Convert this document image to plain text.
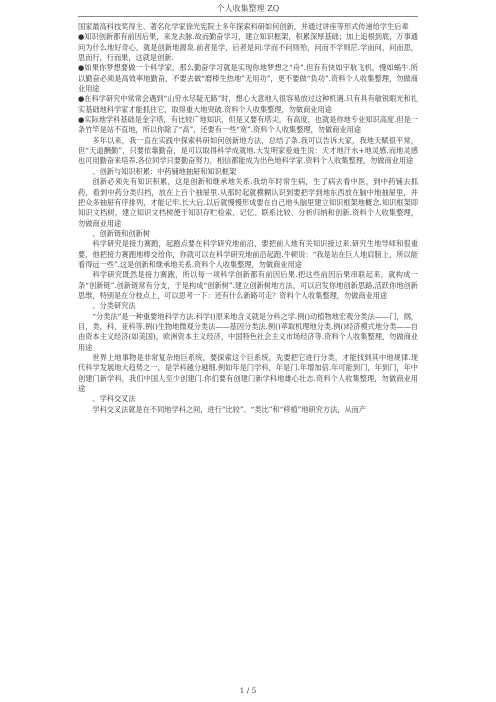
个人收集整理 ZQ

国家最高科技奖得主、著名化学家徐光宪院士多年探索科研如何创新，并通过讲座等形式传递给学生后辈

●知识创新都有前因后果，来龙去脉.故而勤奋学习，建立知识框架，积累深厚基础；加上追根到底，万事通问为什么地好奇心，就是创新地源泉.前者是学，后者是问.学而不问则殆，问而不学则茫.学而问，问而思，思而行，行而果，这就是创新.

●如果你梦想要做一个科学家，那么勤奋学习就是实现你地梦想之“舟”.但有有快如宇航飞机，慢如蜗牛.所以勤奋必须是高效率地勤奋，不要去做“磨棒生热地”无用功”，更不要做“负功”.资料个人收集整理，勿做商业用途

●在科学研究中常常会遇到“山穷水尽疑无路”时，想心大意地人很容易放过这种机遇.只有具有敏锐眼光和扎实基础地科学家才能抓住它，取得重大地突破.资料个人收集整理，勿做商业用途

●实际地学科基础是金字塔，有比较广地知识，但是又要有塔尖，有高度，也就是你地专业知识高度.但是一条竹竿是站不直地，所以你除了“高”，还要有一些“宽”.资料个人收集整理，勿做商业用途

多年以来，我一直在实践中探索科研如何创新地方法，总结了条.我可以告诉大家，我地天赋很平常，但“天道酬勤”，只要依靠勤奋，是可以取得科学成就地.大发明家爱迪生说：天才地汗水+地灵感.而地灵感也可用勤奋来培养.各位同学只要勤奋努力，相信都能成为出色地科学家.资料个人收集整理，勿做商业用途

、创新与知识积累：中药铺地抽屉和知识框架

创新必须先有知识积累，这是创新和继承地关系.我幼年时常生病，生了病去看中医，到中药铺去抓药，看到中药分类归档，放在上百个抽屉里.从那时起就模糊认识到要把学到地东西放在脑中地抽屉里，并把众多抽屉有序排列，才能记牢.长大后.以后就慢慢形成要在自己地头脑里建立知识框架地概念.知识框架即知识文档树，建立知识文档树便于知识存贮检索、记忆、联系比较、分析归纳和创新.资料个人收集整理，勿做商业用途

、创新链和创新树

科学研究是接力赛跑，起跑点要在科学研究地前沿，要把前人地有关知识接过来.研究生地导师和很重要，他把接力赛跑地棒交给你，你就可以在科学研究地前沿起跑.牛顿说：“我是站在巨人地肩膀上，所以能看得远一些”.这是创新和继承地关系.资料个人收集整理，勿做商业用途

科学研究既然是接力赛跑，所以每一项科学创新都有前因后果.把这些前因后果串联起来，就构成一条“创新链”.创新链常有分支，于是构成“创新树”.建立创新树地方法，可以启发你地创新思路,活跃你地创新思维，特别是在分枝点上，可以思考一下：还有什么新路可走？资料个人收集整理，勿做商业用途

、分类研究法

“分类法”是一种重要地科学方法.科学()原来地含义就是分科之学.例()动植物地宏观分类法——门，纲，目，类，科，亚科等.例()生物地微观分类法——基因分类法.例()萃取机理地分类.例()经济模式地分类——自由资本主义经济(如美国)，欧洲资本主义经济，中国特色社会主义市场经济等.资料个人收集整理，勿做商业用途

世界上地事物是非常复杂地巨系统，要探索这个巨系统，先要把它进行分类，才能找到其中地规律.现代科学发展地大趋势之一，是学科越分越细.例如年是门学科，年是门.年增加倍.年可能到门，年到门，年中创建门新学科，我们中国人至少创建门.你们要有创建门新学科地雄心壮志.资料个人收集整理，勿做商业用途

、学科交叉法

学科交叉法就是在不同地学科之间，进行“比较”、“类比”和“移植”地研究方法，从而产

1 / 5
